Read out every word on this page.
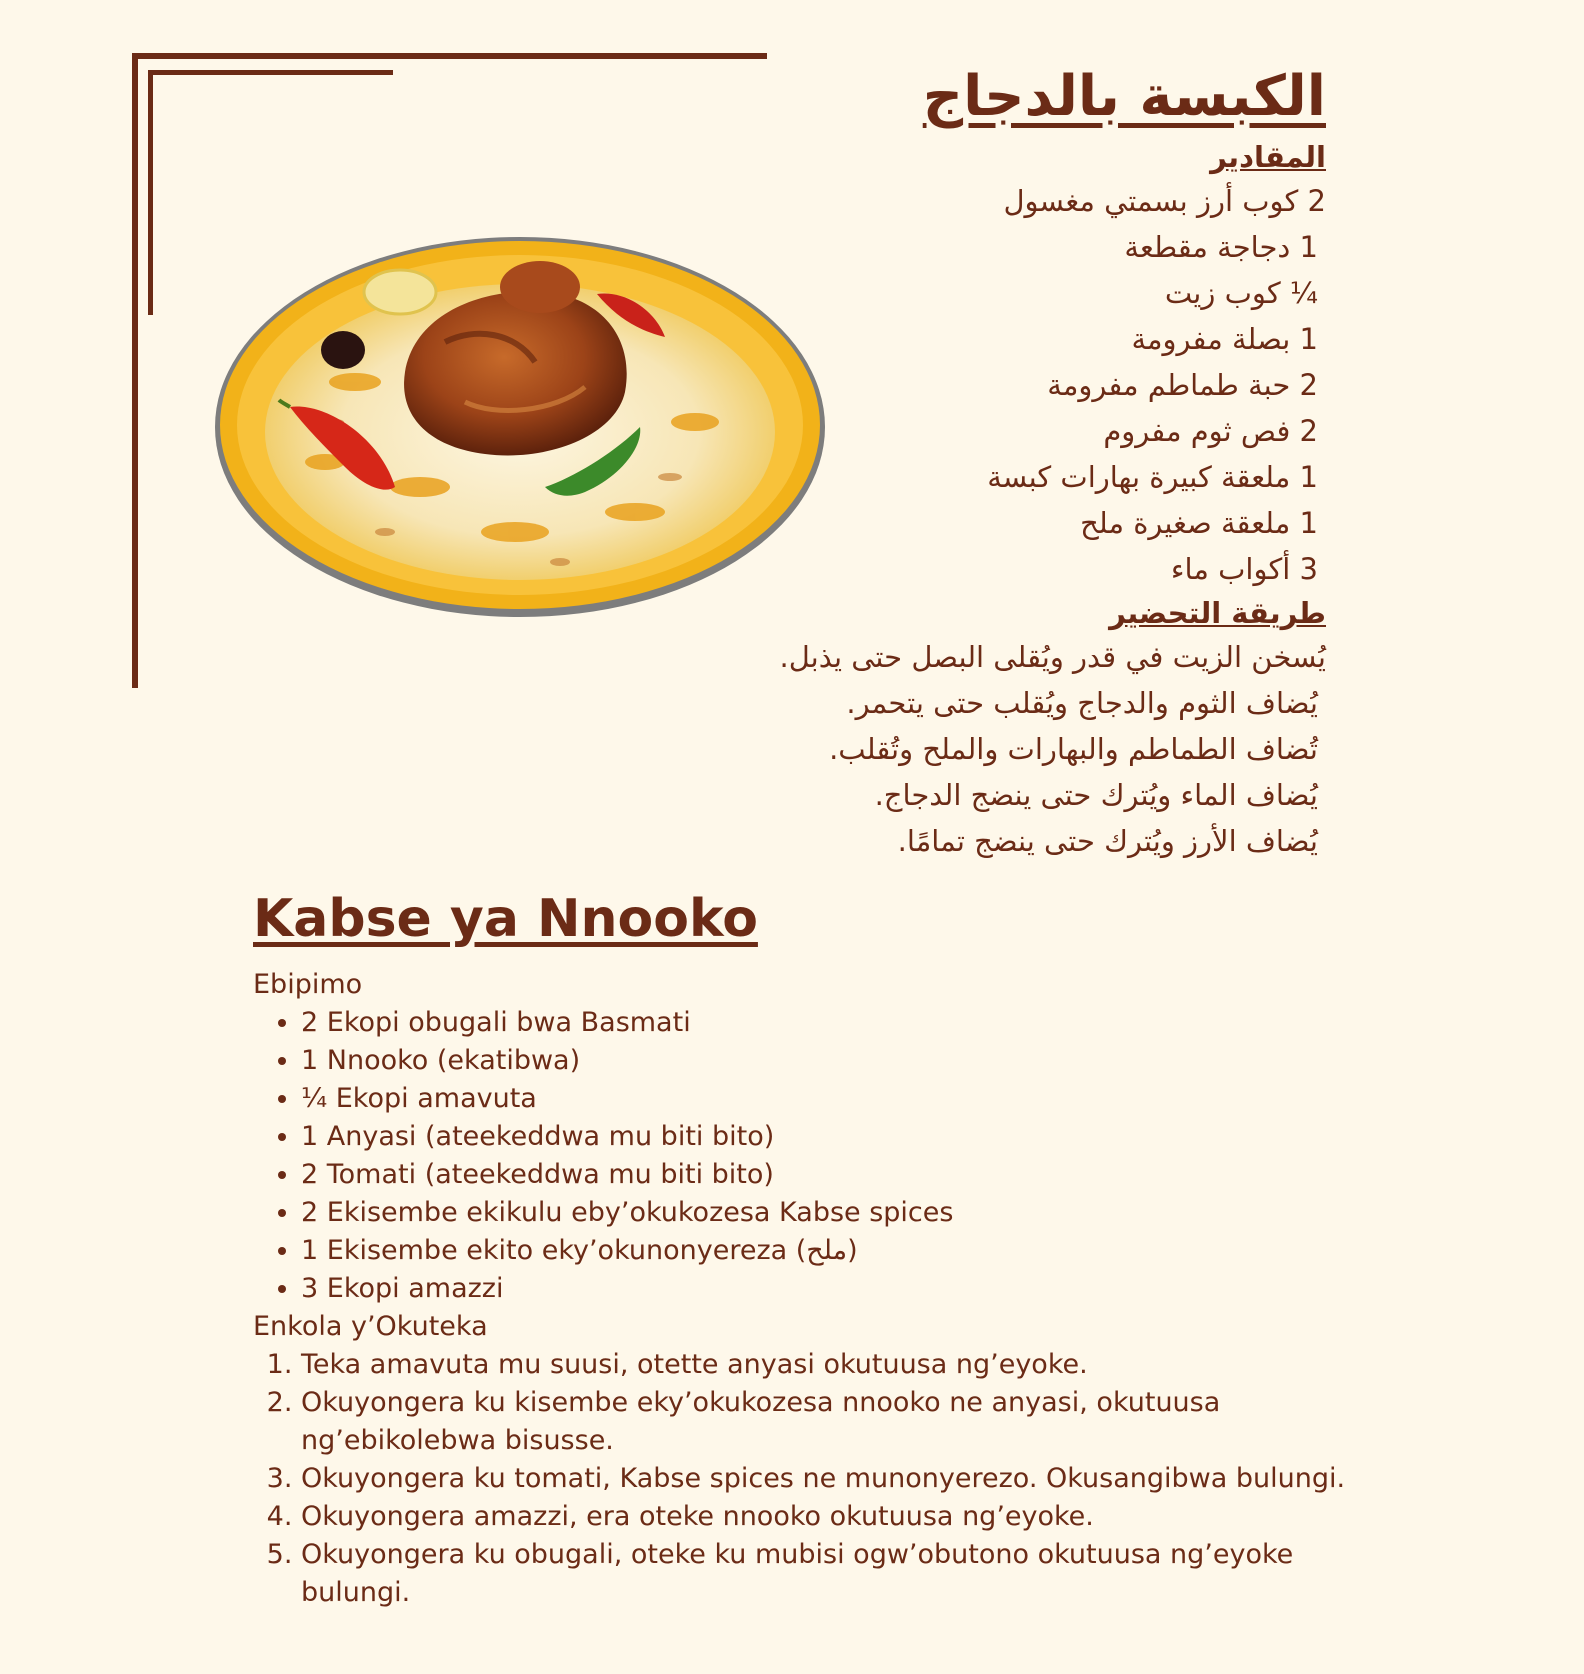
الكبسة بالدجاج
المقادير
2 كوب أرز بسمتي مغسول
1 دجاجة مقطعة
¼ كوب زيت
1 بصلة مفرومة
2 حبة طماطم مفرومة
2 فص ثوم مفروم
1 ملعقة كبيرة بهارات كبسة
1 ملعقة صغيرة ملح
3 أكواب ماء
طريقة التحضير
يُسخن الزيت في قدر ويُقلى البصل حتى يذبل.
يُضاف الثوم والدجاج ويُقلب حتى يتحمر.
تُضاف الطماطم والبهارات والملح وتُقلب.
يُضاف الماء ويُترك حتى ينضج الدجاج.
يُضاف الأرز ويُترك حتى ينضج تمامًا.
Kabse ya Nnooko
Ebipimo
• 2 Ekopi obugali bwa Basmati
• 1 Nnooko (ekatibwa)
• ¼ Ekopi amavuta
• 1 Anyasi (ateekeddwa mu biti bito)
• 2 Tomati (ateekeddwa mu biti bito)
• 2 Ekisembe ekikulu eby’okukozesa Kabse spices
• 1 Ekisembe ekito eky’okunonyereza (ملح)
• 3 Ekopi amazzi
Enkola y’Okuteka
1. Teka amavuta mu suusi, otette anyasi okutuusa ng’eyoke.
2. Okuyongera ku kisembe eky’okukozesa nnooko ne anyasi, okutuusa ng’ebikolebwa bisusse.
3. Okuyongera ku tomati, Kabse spices ne munonyerezo. Okusangibwa bulungi.
4. Okuyongera amazzi, era oteke nnooko okutuusa ng’eyoke.
5. Okuyongera ku obugali, oteke ku mubisi ogw’obutono okutuusa ng’eyoke bulungi.
